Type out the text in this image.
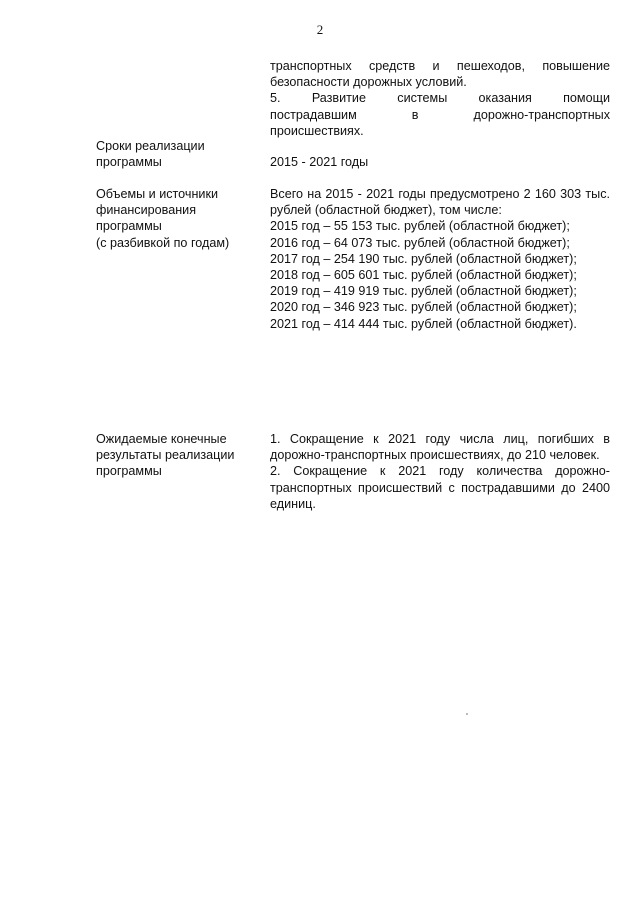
2
транспортных средств и пешеходов, повышение
безопасности дорожных условий.
5. Развитие системы оказания помощи
пострадавшим в дорожно-транспортных
происшествиях.
Сроки реализации
программы	2015 - 2021 годы
Объемы и источники
финансирования
программы
(с разбивкой по годам)
Всего на 2015 - 2021 годы предусмотрено 2 160 303 тыс. рублей (областной бюджет), том числе:
2015 год – 55 153 тыс. рублей (областной бюджет);
2016 год – 64 073 тыс. рублей (областной бюджет);
2017 год – 254 190 тыс. рублей (областной бюджет);
2018 год – 605 601 тыс. рублей (областной бюджет);
2019 год – 419 919 тыс. рублей (областной бюджет);
2020 год – 346 923 тыс. рублей (областной бюджет);
2021 год – 414 444 тыс. рублей (областной бюджет).
Ожидаемые конечные
результаты реализации
программы
1. Сокращение к 2021 году числа лиц, погибших в дорожно-транспортных происшествиях, до 210 человек.
2. Сокращение к 2021 году количества дорожно-транспортных происшествий с пострадавшими до 2400 единиц.
